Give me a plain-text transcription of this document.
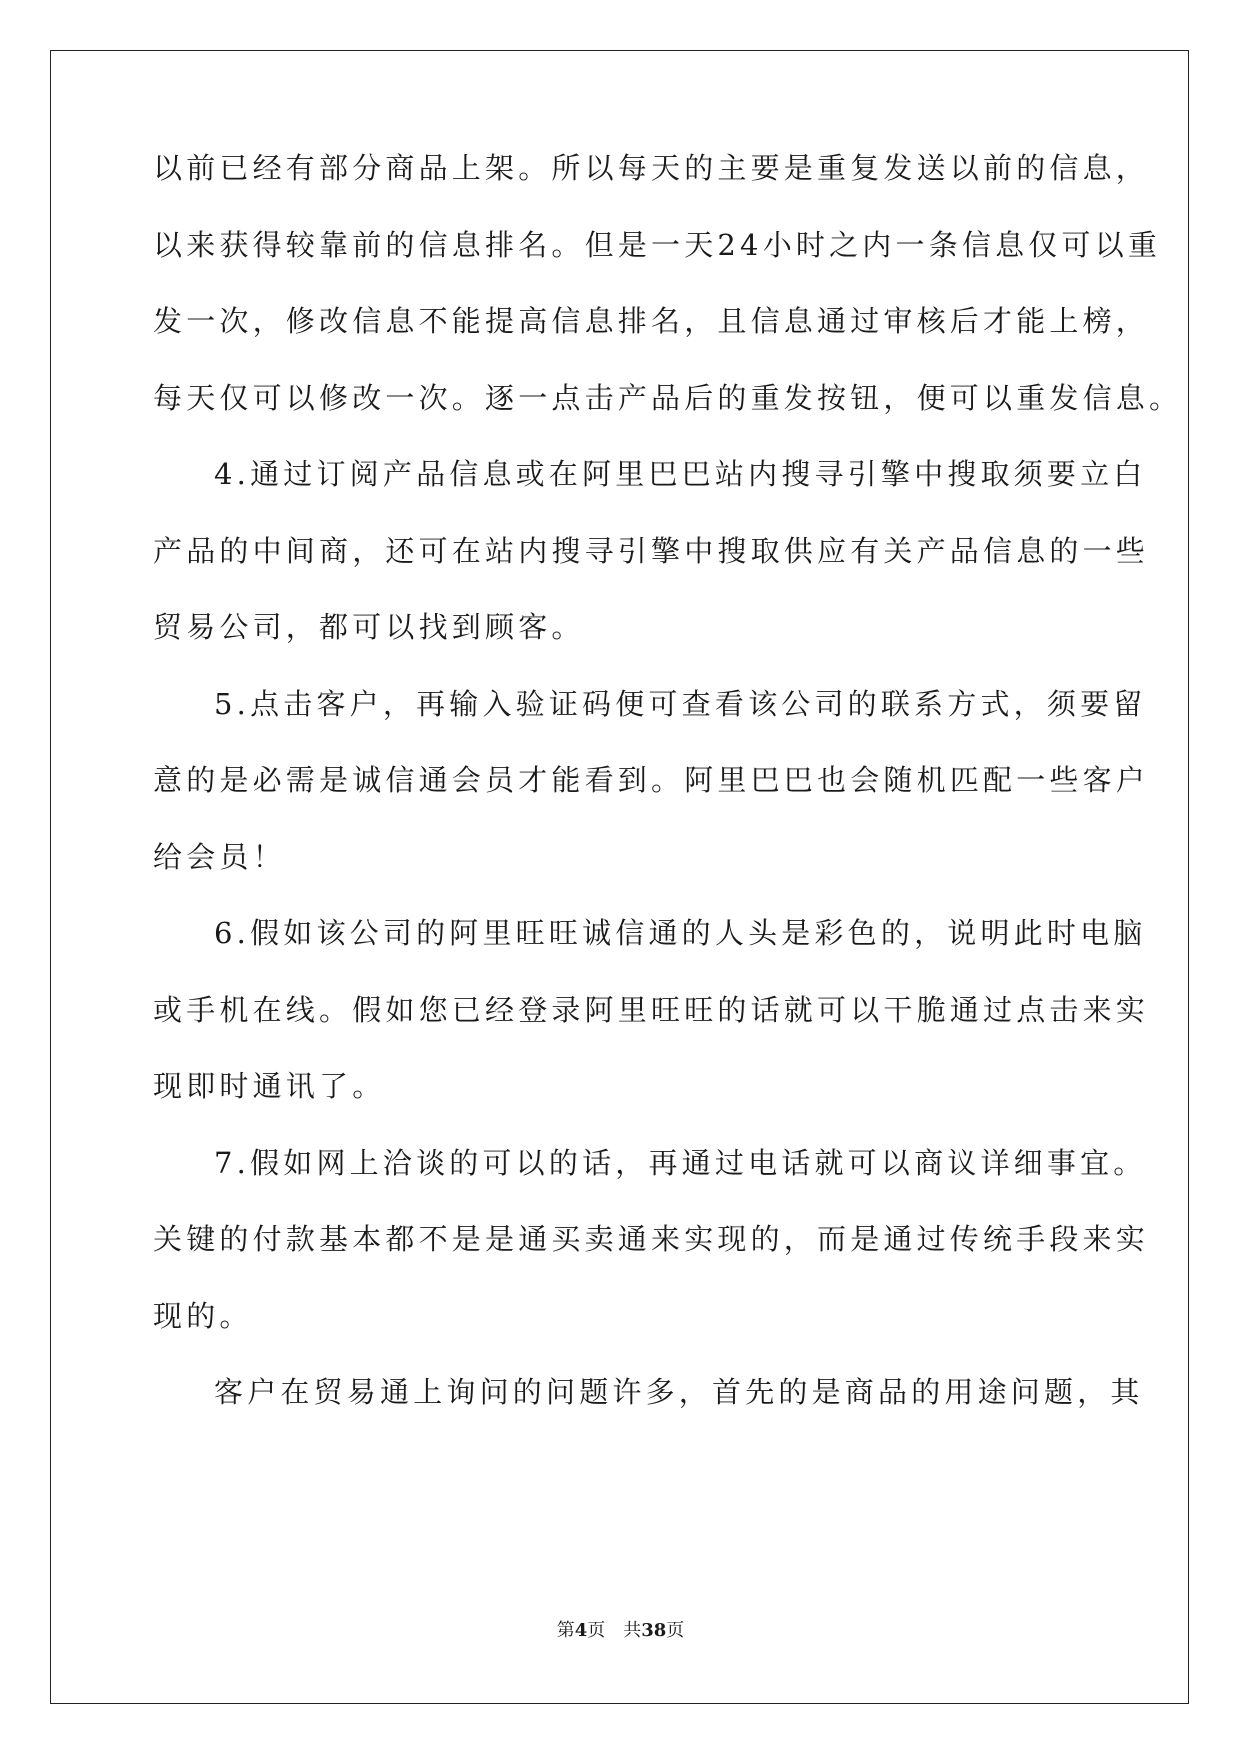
以前已经有部分商品上架。所以每天的主要是重复发送以前的信息，
以来获得较靠前的信息排名。但是一天24小时之内一条信息仅可以重
发一次，修改信息不能提高信息排名，且信息通过审核后才能上榜，
每天仅可以修改一次。逐一点击产品后的重发按钮，便可以重发信息。
4.通过订阅产品信息或在阿里巴巴站内搜寻引擎中搜取须要立白
产品的中间商，还可在站内搜寻引擎中搜取供应有关产品信息的一些
贸易公司，都可以找到顾客。
5.点击客户，再输入验证码便可查看该公司的联系方式，须要留
意的是必需是诚信通会员才能看到。阿里巴巴也会随机匹配一些客户
给会员！
6.假如该公司的阿里旺旺诚信通的人头是彩色的，说明此时电脑
或手机在线。假如您已经登录阿里旺旺的话就可以干脆通过点击来实
现即时通讯了。
7.假如网上洽谈的可以的话，再通过电话就可以商议详细事宜。
关键的付款基本都不是是通买卖通来实现的，而是通过传统手段来实
客户在贸易通上询问的问题许多，首先的是商品的用途问题，其
现的。
第4页 共38页
